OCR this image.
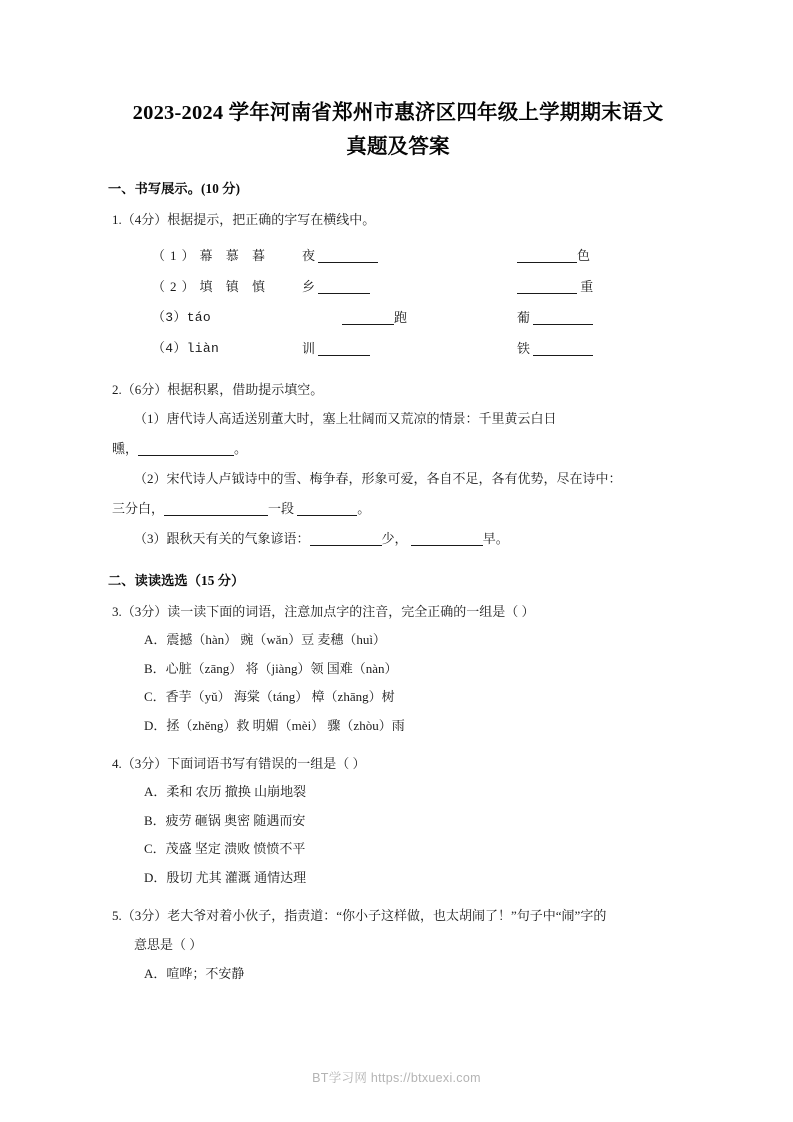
2023-2024 学年河南省郑州市惠济区四年级上学期期末语文
真题及答案
一、书写展示。(10 分)
1.（4分）根据提示，把正确的字写在横线中。
（1）幕 慕 暮	夜	色
（2）填 镇 慎	乡	重
（3）táo	跑	葡
（4）liàn	训	铁
2.（6分）根据积累，借助提示填空。
（1）唐代诗人高适送别董大时，塞上壮阔而又荒凉的情景：千里黄云白日
曛，	。
（2）宋代诗人卢钺诗中的雪、梅争春，形象可爱，各自不足，各有优势，尽在诗中：
三分白，	一段	。
（3）跟秋天有关的气象谚语：	少，	早。
二、读读选选（15 分）
3.（3分）读一读下面的词语，注意加点字的注音，完全正确的一组是（ ）
A．震撼（hàn） 豌（wǎn）豆 麦穗（huì）
B．心脏（zāng） 将（jiàng）领 国难（nàn）
C．香芋（yǔ） 海棠（táng） 樟（zhāng）树
D．拯（zhěng）救 明媚（mèi） 骤（zhòu）雨
4.（3分）下面词语书写有错误的一组是（ ）
A．柔和 农历 撤换 山崩地裂
B．疲劳 砸锅 奥密 随遇而安
C．茂盛 坚定 溃败 愤愤不平
D．殷切 尤其 灌溉 通情达理
5.（3分）老大爷对着小伙子，指责道：“你小子这样做，也太胡闹了！”句子中“闹”字的
意思是（ ）
A．喧哗；不安静
BT学习网 https://btxuexi.com
